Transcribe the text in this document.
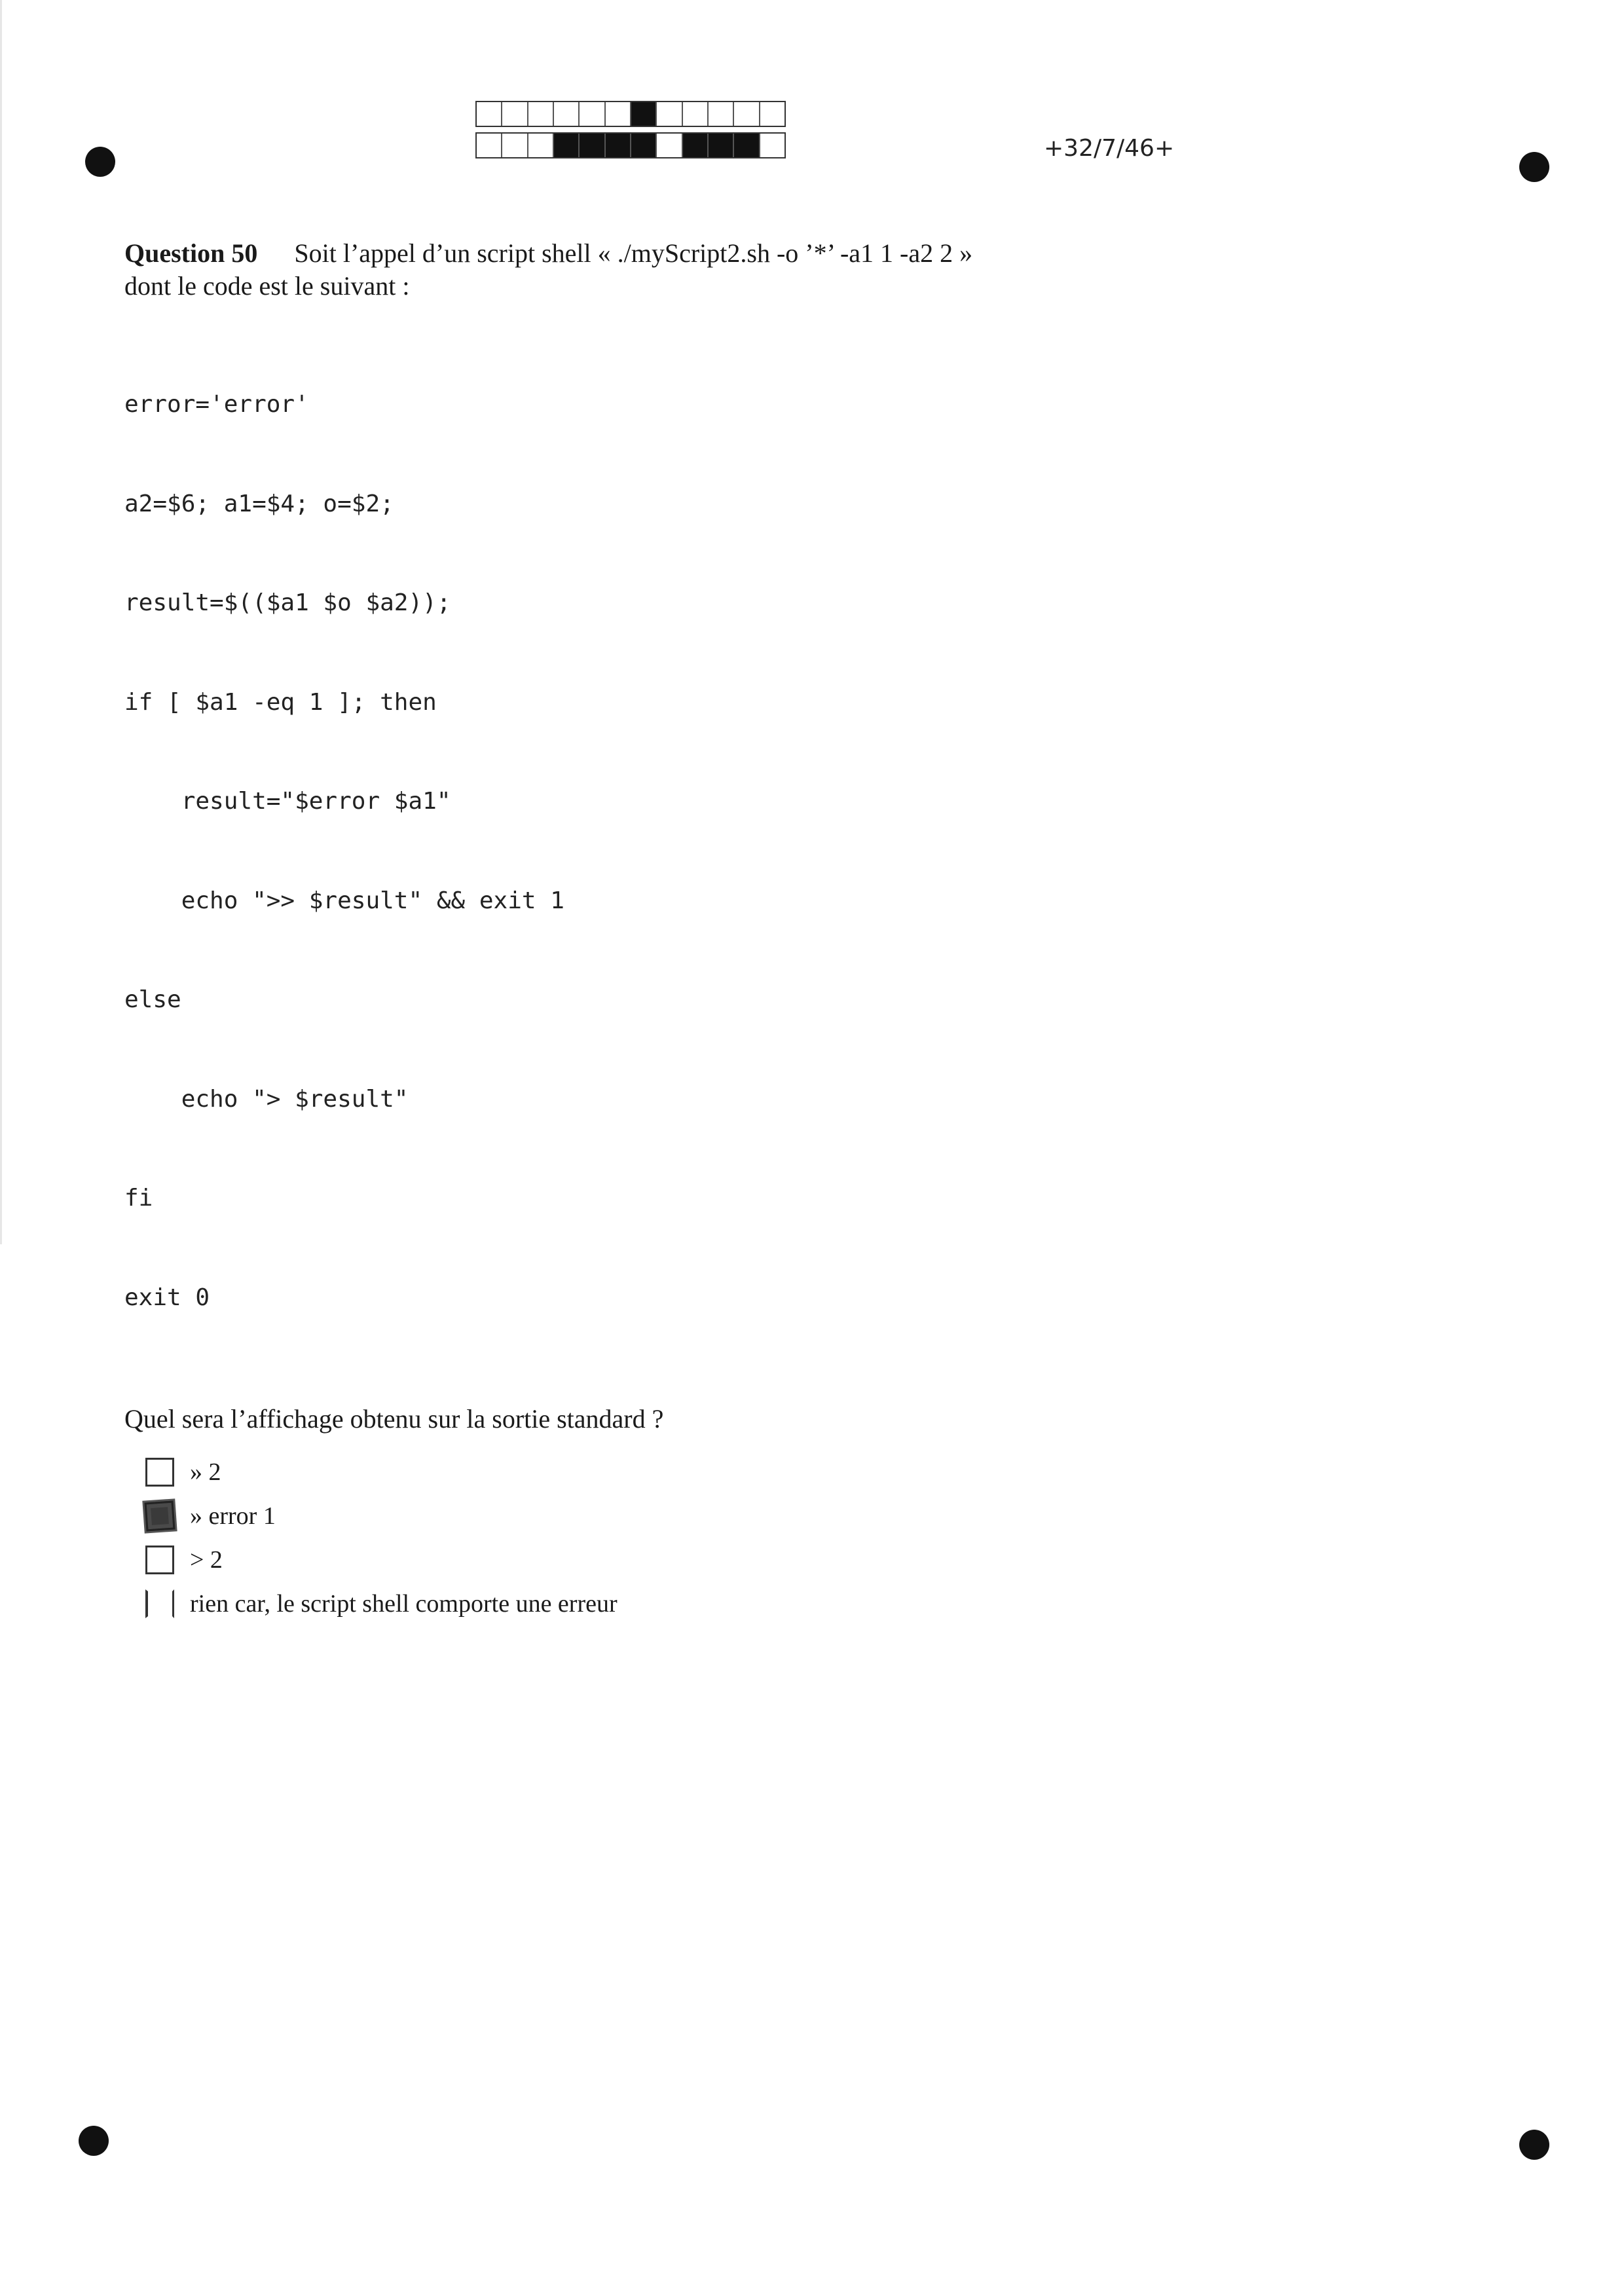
+32/7/46+
Question 50 Soit l’appel d’un script shell « ./myScript2.sh -o ’*’ -a1 1 -a2 2 »
dont le code est le suivant :

error='error'

a2=$6; a1=$4; o=$2;

result=$(($a1 $o $a2));

if [ $a1 -eq 1 ]; then

result="$error $a1"

echo ">> $result" && exit 1

else

echo "> $result"

fi

exit 0

Quel sera l’affichage obtenu sur la sortie standard ?
» 2
» error 1
> 2
rien car, le script shell comporte une erreur
